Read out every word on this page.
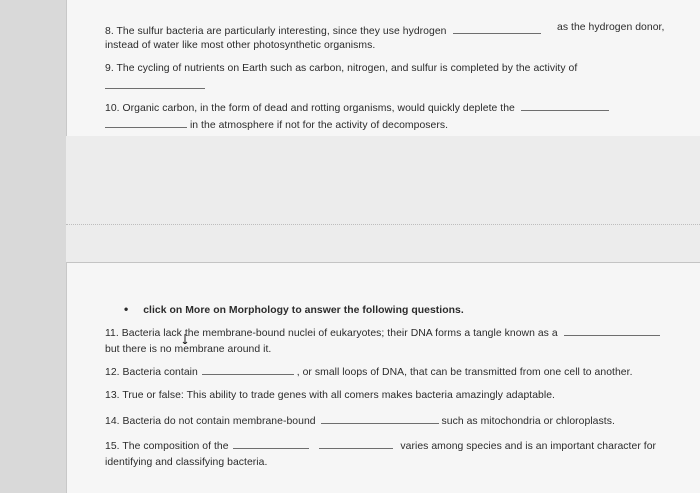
8. The sulfur bacteria are particularly interesting, since they use hydrogen	as the hydrogen donor,
instead of water like most other photosynthetic organisms.
9. The cycling of nutrients on Earth such as carbon, nitrogen, and sulfur is completed by the activity of
10. Organic carbon, in the form of dead and rotting organisms, would quickly deplete the
in the atmosphere if not for the activity of decomposers.
• click on More on Morphology to answer the following questions.
11. Bacteria lack the membrane-bound nuclei of eukaryotes; their DNA forms a tangle known as a
but there is no membrane around it.
12. Bacteria contain	, or small loops of DNA, that can be transmitted from one cell to another.
13. True or false: This ability to trade genes with all comers makes bacteria amazingly adaptable.
14. Bacteria do not contain membrane-bound	such as mitochondria or chloroplasts.
15. The composition of the	varies among species and is an important character for
identifying and classifying bacteria.
